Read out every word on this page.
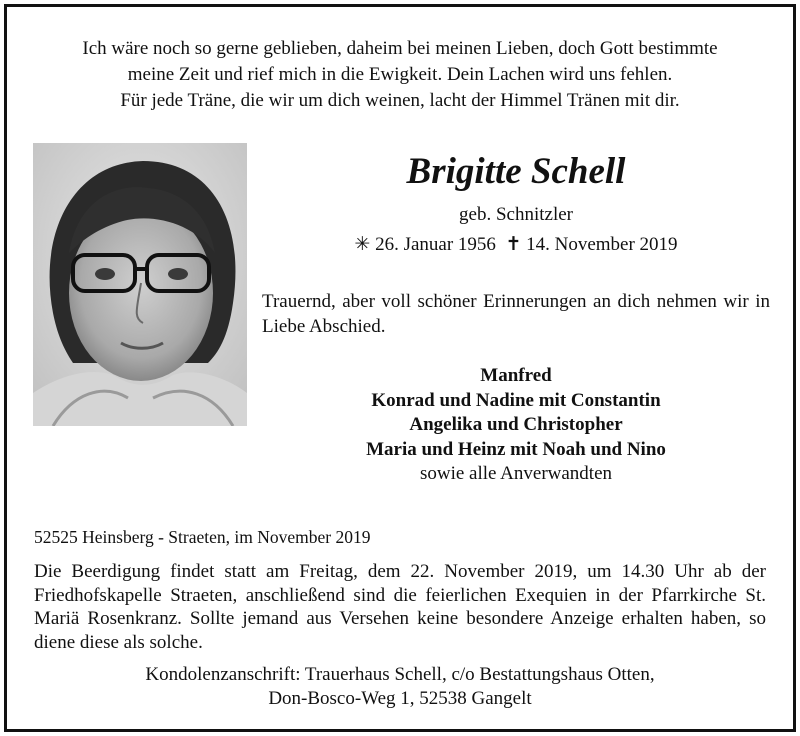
Ich wäre noch so gerne geblieben, daheim bei meinen Lieben, doch Gott bestimmte
meine Zeit und rief mich in die Ewigkeit. Dein Lachen wird uns fehlen.
Für jede Träne, die wir um dich weinen, lacht der Himmel Tränen mit dir.
Brigitte Schell
geb. Schnitzler
✳ 26. Januar 1956 ✝ 14. November 2019
Trauernd, aber voll schöner Erinnerungen an dich nehmen wir in Liebe Abschied.
Manfred
Konrad und Nadine mit Constantin
Angelika und Christopher
Maria und Heinz mit Noah und Nino
sowie alle Anverwandten
52525 Heinsberg - Straeten, im November 2019
Die Beerdigung findet statt am Freitag, dem 22. November 2019, um 14.30 Uhr ab der Friedhofskapelle Straeten, anschließend sind die feierlichen Exequien in der Pfarrkirche St. Mariä Rosenkranz. Sollte jemand aus Versehen keine besondere Anzeige erhalten haben, so diene diese als solche.
Kondolenzanschrift: Trauerhaus Schell, c/o Bestattungshaus Otten,
Don-Bosco-Weg 1, 52538 Gangelt
